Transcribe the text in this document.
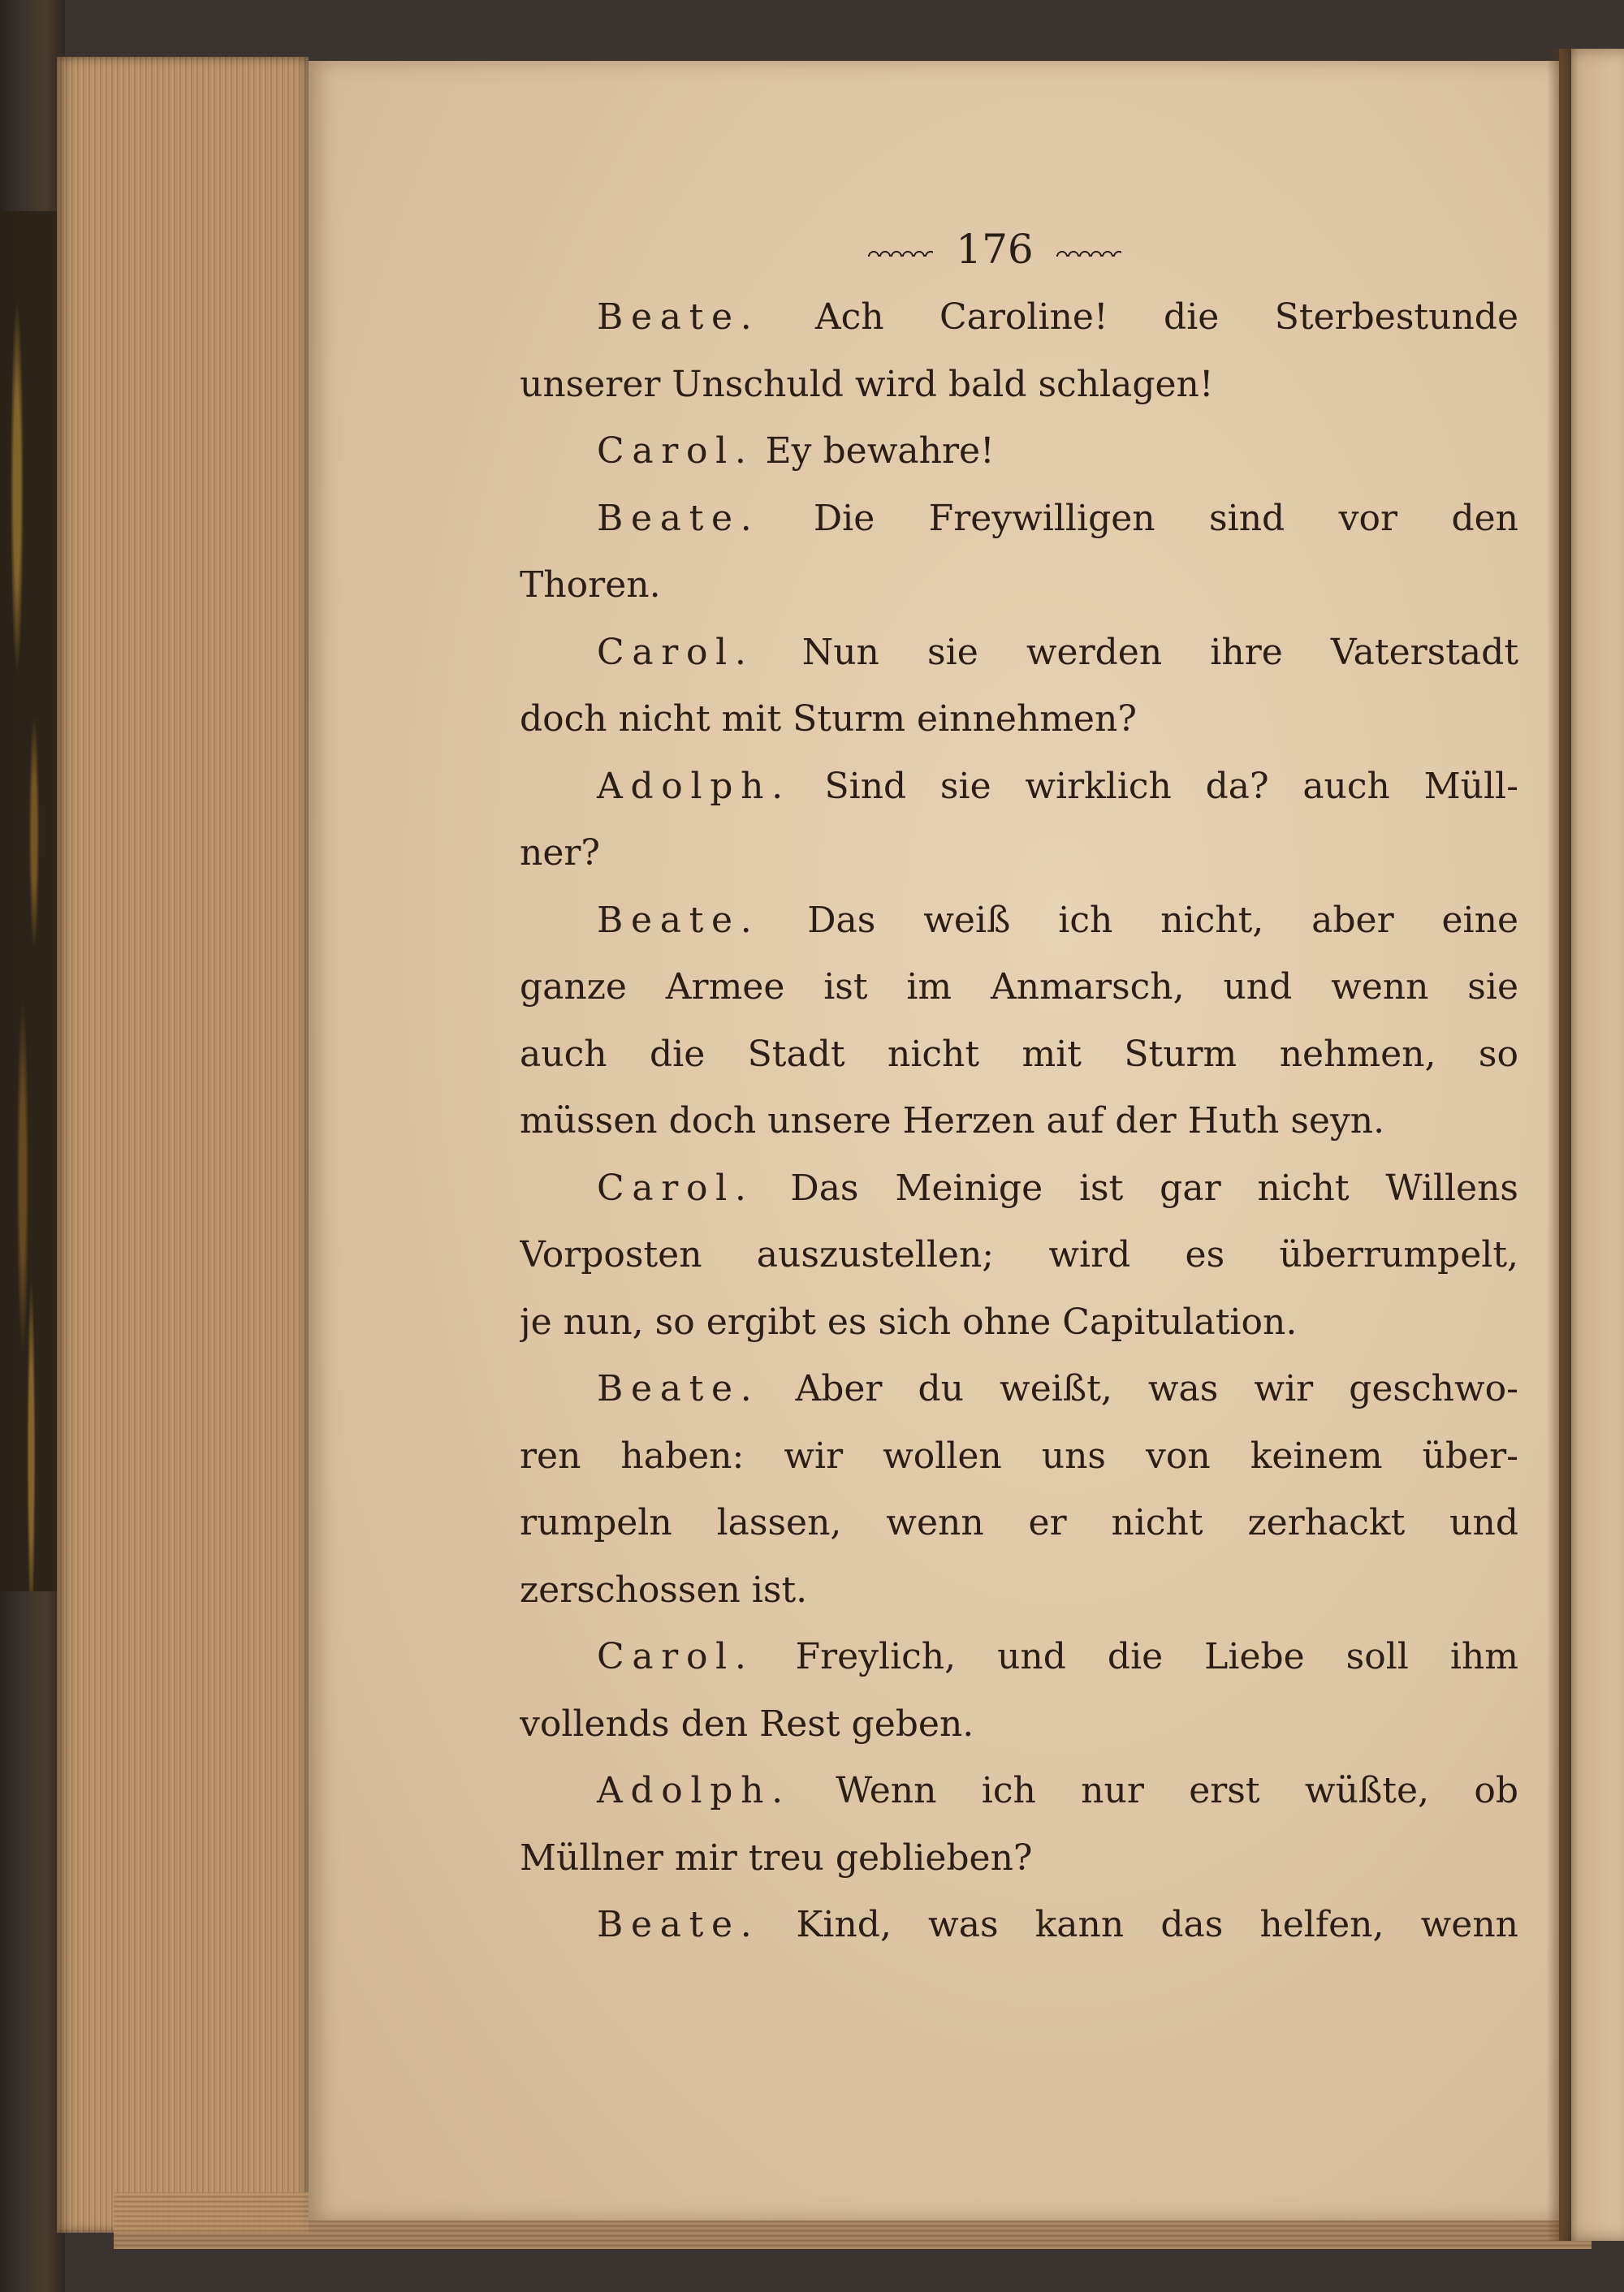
176
Beate. Ach Caroline! die Sterbestunde
unserer Unschuld wird bald schlagen!
Carol. Ey bewahre!
Beate. Die Freywilligen sind vor den
Thoren.
Carol. Nun sie werden ihre Vaterstadt
doch nicht mit Sturm einnehmen?
Adolph. Sind sie wirklich da? auch Müll-
ner?
Beate. Das weiß ich nicht, aber eine
ganze Armee ist im Anmarsch, und wenn sie
auch die Stadt nicht mit Sturm nehmen, so
müssen doch unsere Herzen auf der Huth seyn.
Carol. Das Meinige ist gar nicht Willens
Vorposten auszustellen; wird es überrumpelt,
je nun, so ergibt es sich ohne Capitulation.
Beate. Aber du weißt, was wir geschwo-
ren haben: wir wollen uns von keinem über-
rumpeln lassen, wenn er nicht zerhackt und
zerschossen ist.
Carol. Freylich, und die Liebe soll ihm
vollends den Rest geben.
Adolph. Wenn ich nur erst wüßte, ob
Müllner mir treu geblieben?
Beate. Kind, was kann das helfen, wenn
